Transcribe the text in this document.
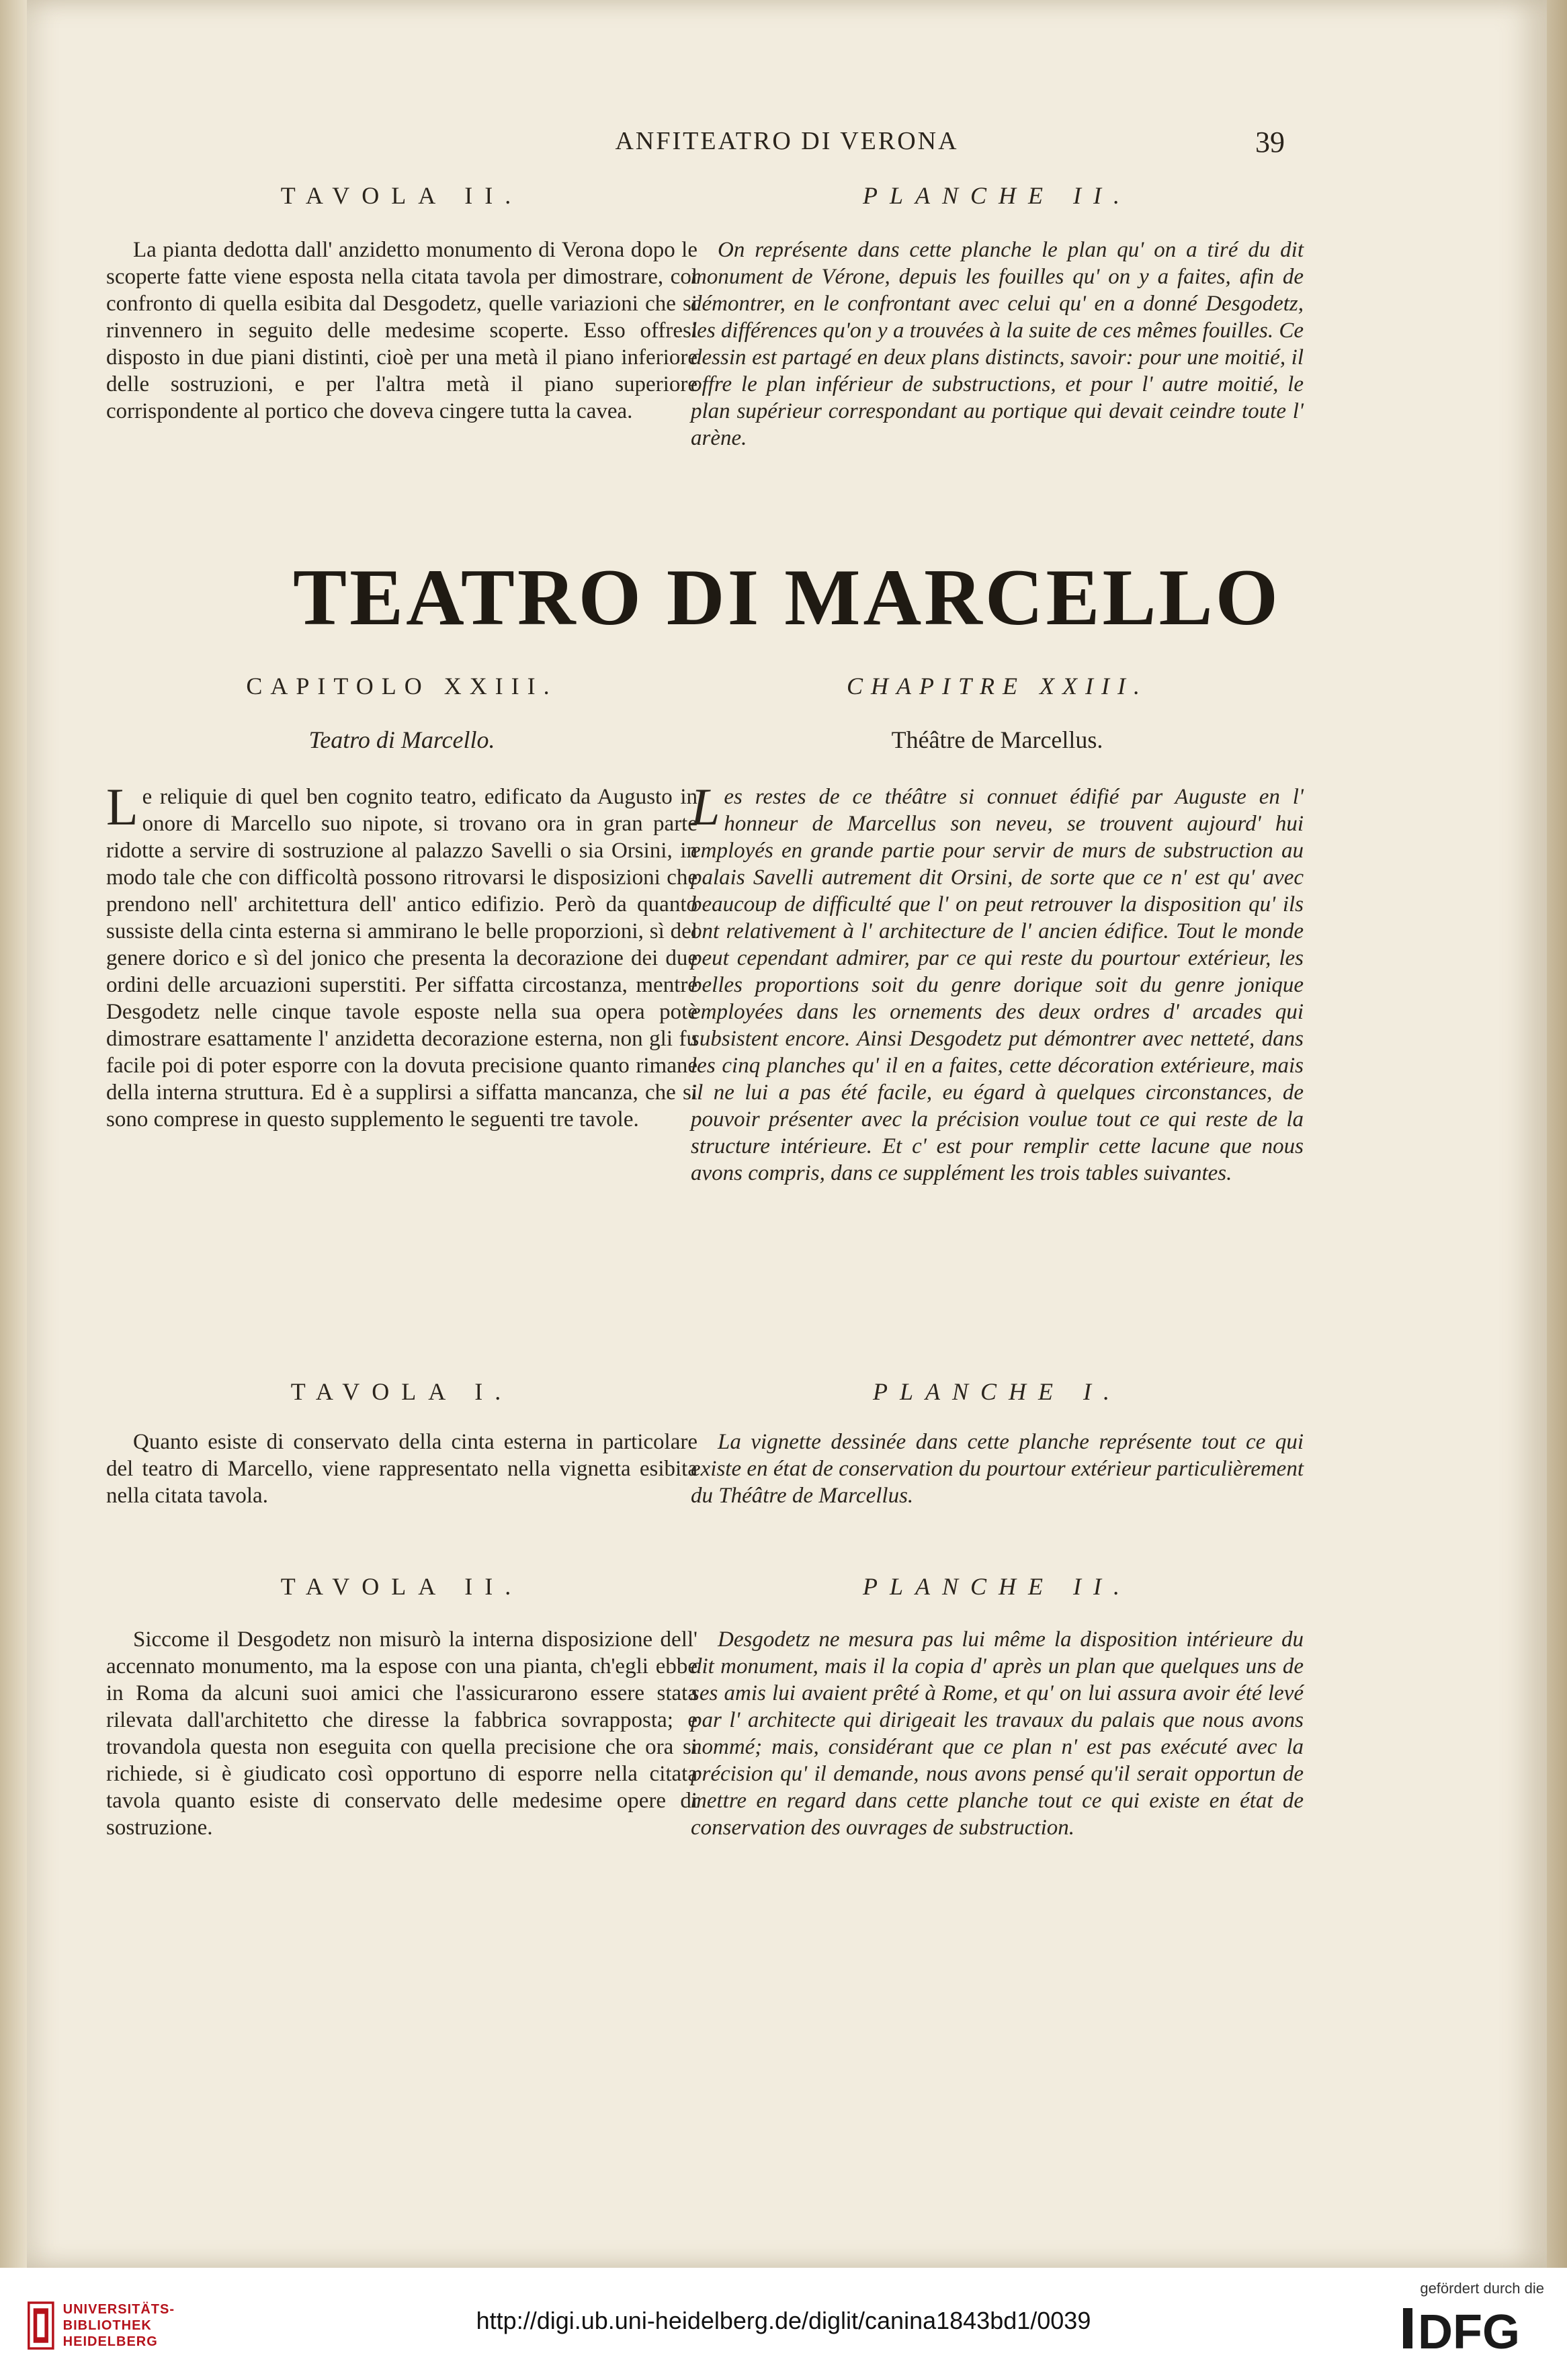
ANFITEATRO DI VERONA	39

TAVOLA II.

La pianta dedotta dall' anzidetto monumento di Verona dopo le scoperte fatte viene esposta nella citata tavola per dimostrare, col confronto di quella esibita dal Desgodetz, quelle variazioni che si rinvennero in seguito delle medesime scoperte. Esso offresi disposto in due piani distinti, cioè per una metà il piano inferiore delle sostruzioni, e per l'altra metà il piano superiore corrispondente al portico che doveva cingere tutta la cavea.

PLANCHE II.

On représente dans cette planche le plan qu' on a tiré du dit monument de Vérone, depuis les fouilles qu' on y a faites, afin de démontrer, en le confrontant avec celui qu' en a donné Desgodetz, les différences qu'on y a trouvées à la suite de ces mêmes fouilles. Ce dessin est partagé en deux plans distincts, savoir: pour une moitié, il offre le plan inférieur de substructions, et pour l' autre moitié, le plan supérieur correspondant au portique qui devait ceindre toute l' arène.

TEATRO DI MARCELLO

CAPITOLO XXIII.

Teatro di Marcello.

Le reliquie di quel ben cognito teatro, edificato da Augusto in onore di Marcello suo nipote, si trovano ora in gran parte ridotte a servire di sostruzione al palazzo Savelli o sia Orsini, in modo tale che con difficoltà possono ritrovarsi le disposizioni che prendono nell' architettura dell' antico edifizio. Però da quanto sussiste della cinta esterna si ammirano le belle proporzioni, sì del genere dorico e sì del jonico che presenta la decorazione dei due ordini delle arcuazioni superstiti. Per siffatta circostanza, mentre Desgodetz nelle cinque tavole esposte nella sua opera potè dimostrare esattamente l' anzidetta decorazione esterna, non gli fu facile poi di poter esporre con la dovuta precisione quanto rimane della interna struttura. Ed è a supplirsi a siffatta mancanza, che si sono comprese in questo supplemento le seguenti tre tavole.

CHAPITRE XXIII.

Théâtre de Marcellus.

Les restes de ce théâtre si connuet édifié par Auguste en l' honneur de Marcellus son neveu, se trouvent aujourd' hui employés en grande partie pour servir de murs de substruction au palais Savelli autrement dit Orsini, de sorte que ce n' est qu' avec beaucoup de difficulté que l' on peut retrouver la disposition qu' ils ont relativement à l' architecture de l' ancien édifice. Tout le monde peut cependant admirer, par ce qui reste du pourtour extérieur, les belles proportions soit du genre dorique soit du genre jonique employées dans les ornements des deux ordres d' arcades qui subsistent encore. Ainsi Desgodetz put démontrer avec netteté, dans les cinq planches qu' il en a faites, cette décoration extérieure, mais il ne lui a pas été facile, eu égard à quelques circonstances, de pouvoir présenter avec la précision voulue tout ce qui reste de la structure intérieure. Et c' est pour remplir cette lacune que nous avons compris, dans ce supplément les trois tables suivantes.

TAVOLA I.

Quanto esiste di conservato della cinta esterna in particolare del teatro di Marcello, viene rappresentato nella vignetta esibita nella citata tavola.

PLANCHE I.

La vignette dessinée dans cette planche représente tout ce qui existe en état de conservation du pourtour extérieur particulièrement du Théâtre de Marcellus.

TAVOLA II.

Siccome il Desgodetz non misurò la interna disposizione dell' accennato monumento, ma la espose con una pianta, ch'egli ebbe in Roma da alcuni suoi amici che l'assicurarono essere stata rilevata dall'architetto che diresse la fabbrica sovrapposta; e trovandola questa non eseguita con quella precisione che ora si richiede, si è giudicato così opportuno di esporre nella citata tavola quanto esiste di conservato delle medesime opere di sostruzione.

PLANCHE II.

Desgodetz ne mesura pas lui même la disposition intérieure du dit monument, mais il la copia d' après un plan que quelques uns de ses amis lui avaient prêté à Rome, et qu' on lui assura avoir été levé par l' architecte qui dirigeait les travaux du palais que nous avons nommé; mais, considérant que ce plan n' est pas exécuté avec la précision qu' il demande, nous avons pensé qu'il serait opportun de mettre en regard dans cette planche tout ce qui existe en état de conservation des ouvrages de substruction.

UNIVERSITÄTS-
BIBLIOTHEK
HEIDELBERG
http://digi.ub.uni-heidelberg.de/diglit/canina1843bd1/0039
gefördert durch die
DFG
